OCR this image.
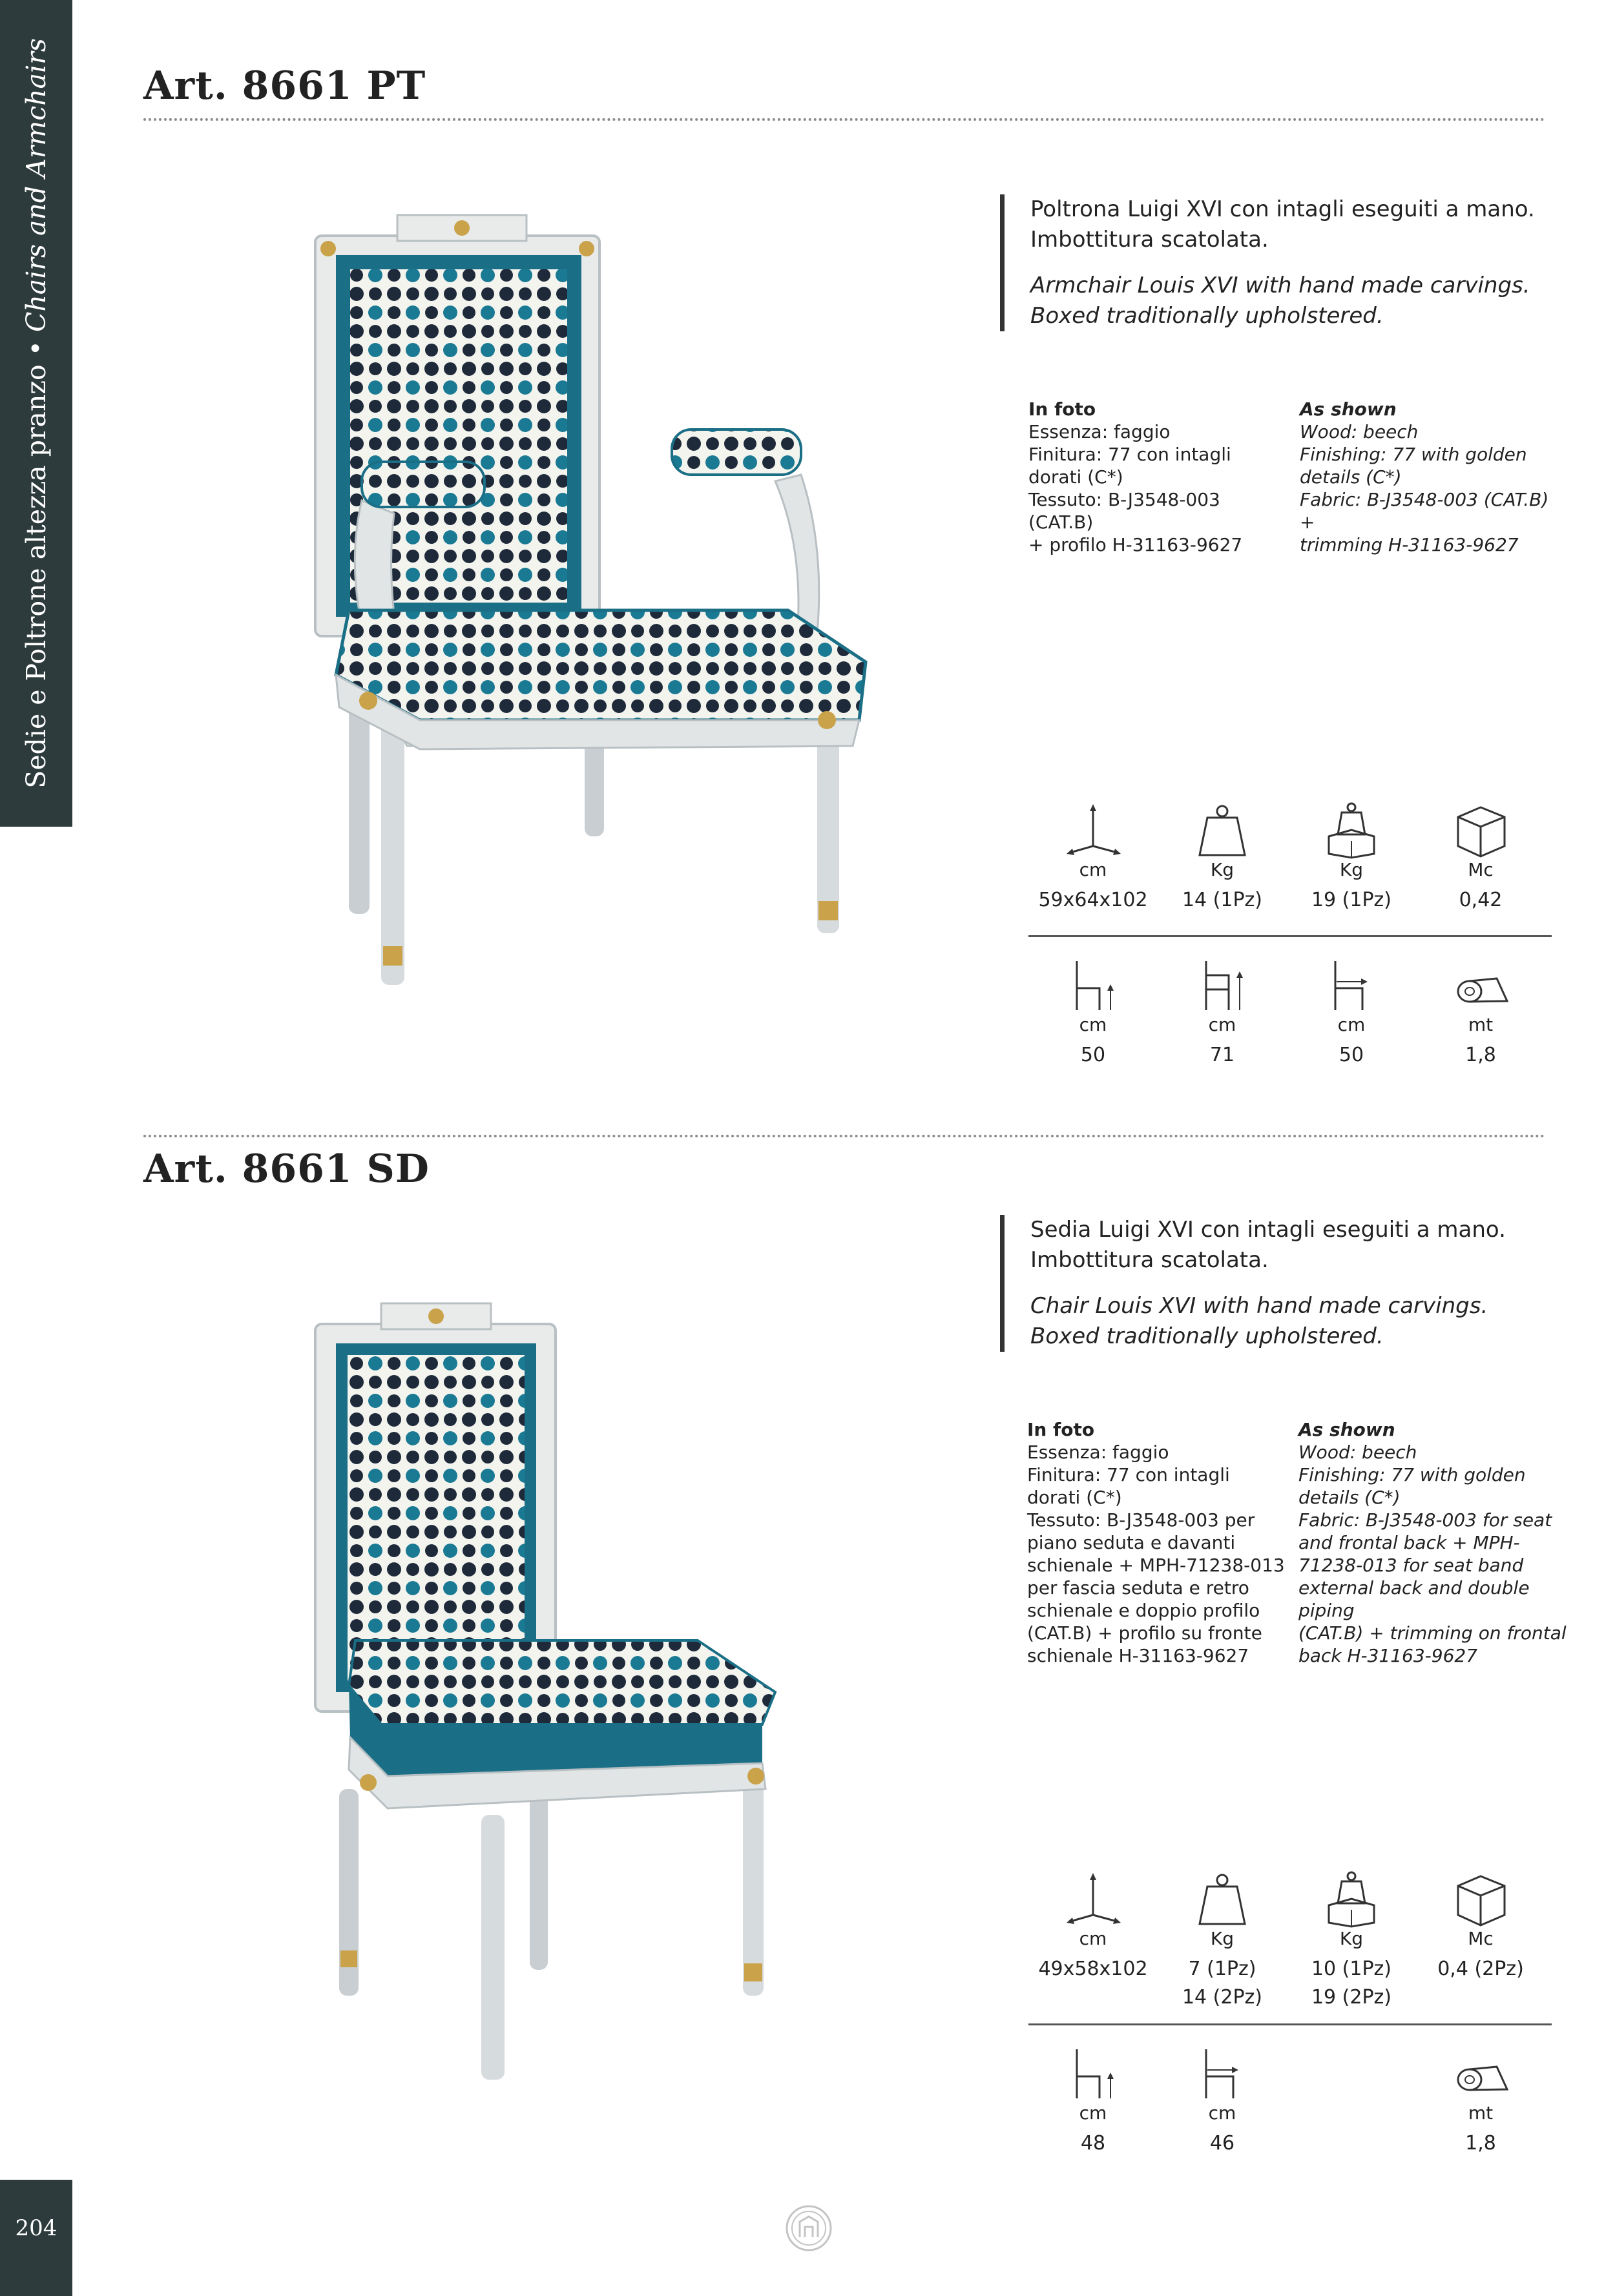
Sedie e Poltrone altezza pranzo • Chairs and Armchairs
204
Art. 8661 PT

Poltrona Luigi XVI con intagli eseguiti a mano.

Imbottitura scatolata.

Armchair Louis XVI with hand made carvings.

Boxed traditionally upholstered.

In foto
Essenza: faggio
Finitura: 77 con intagli
dorati (C*)
Tessuto: B-J3548-003 (CAT.B)
+ profilo H-31163-9627
As shown
Wood: beech
Finishing: 77 with golden
details (C*)
Fabric: B-J3548-003 (CAT.B) +
trimming H-31163-9627
cm
59x64x102
Kg
14 (1Pz)
Kg
19 (1Pz)
Mc
0,42
cm
50
cm
71
cm
50
mt
1,8
Art. 8661 SD

Sedia Luigi XVI con intagli eseguiti a mano.

Imbottitura scatolata.

Chair Louis XVI with hand made carvings.

Boxed traditionally upholstered.

In foto
Essenza: faggio
Finitura: 77 con intagli dorati (C*)
Tessuto: B-J3548-003 per
piano seduta e davanti
schienale + MPH-71238-013
per fascia seduta e retro
schienale e doppio profilo
(CAT.B) + profilo su fronte
schienale H-31163-9627
As shown
Wood: beech
Finishing: 77 with golden
details (C*)
Fabric: B-J3548-003 for seat
and frontal back + MPH-
71238-013 for seat band
external back and double piping
(CAT.B) + trimming on frontal
back H-31163-9627
cm
49x58x102
Kg
7 (1Pz)
14 (2Pz)
Kg
10 (1Pz)
19 (2Pz)
Mc
0,4 (2Pz)
cm
48
cm
46
mt
1,8
